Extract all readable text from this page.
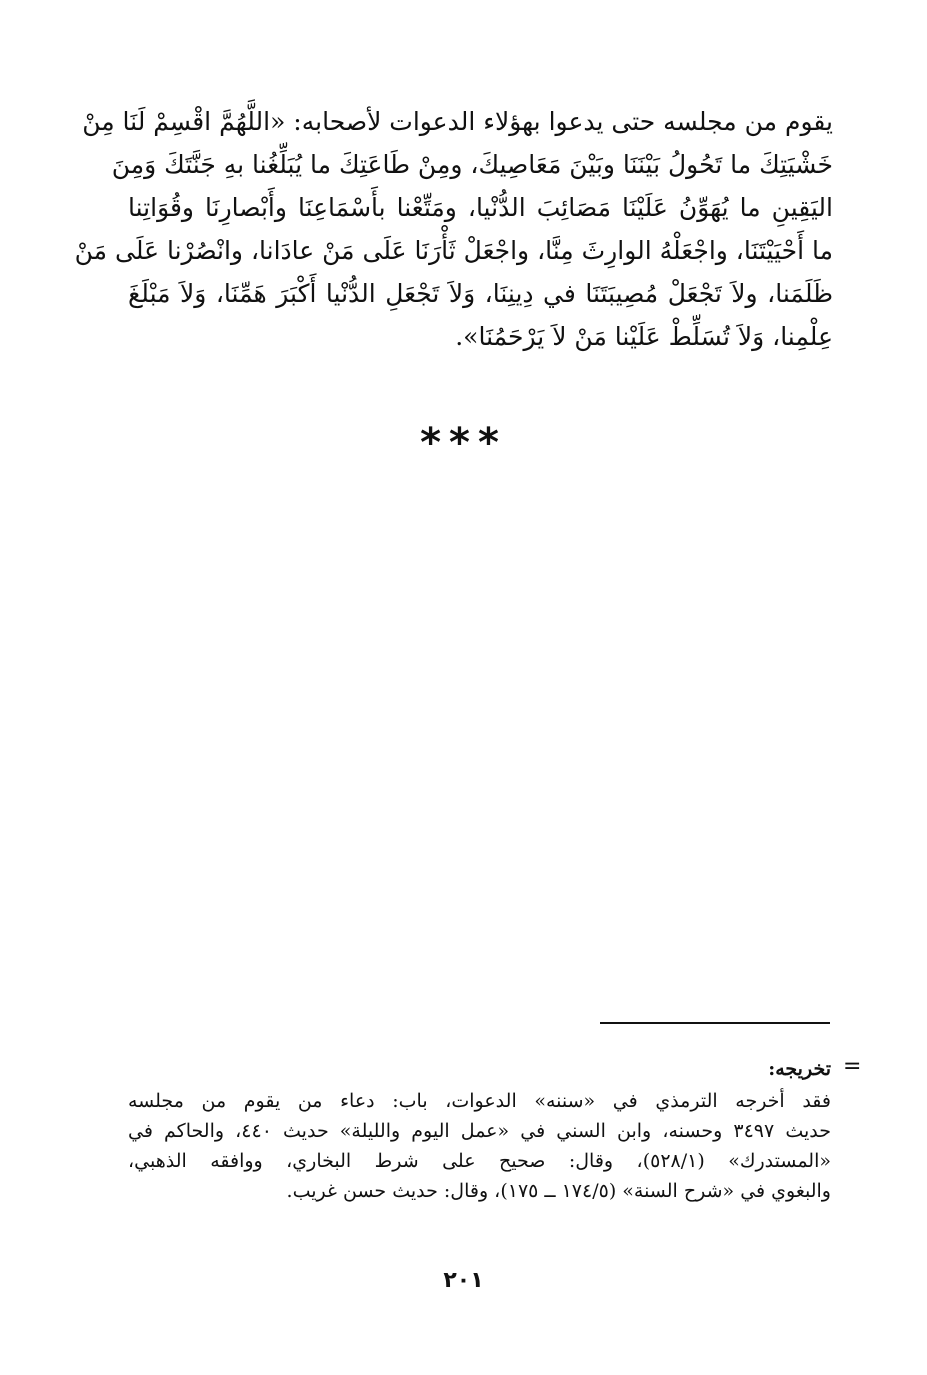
يقوم من مجلسه حتى يدعوا بهؤلاء الدعوات لأصحابه: «اللَّهُمَّ اقْسِمْ لَنَا مِنْ
خَشْيَتِكَ ما تَحُولُ بَيْنَنَا وبَيْنَ مَعَاصِيكَ، ومِنْ طَاعَتِكَ ما يُبَلِّغُنا بهِ جَنَّتَكَ وَمِنَ
اليَقِينِ ما يُهَوِّنُ عَلَيْنَا مَصَائِبَ الدُّنْيا، ومَتِّعْنا بأَسْمَاعِنَا وأَبْصارِنَا وقُوَاتِنا
ما أَحْيَيْتَنَا، واجْعَلْهُ الوارِثَ مِنَّا، واجْعَلْ ثَأْرَنَا عَلَى مَنْ عادَانا، وانْصُرْنا عَلَى مَنْ
ظَلَمَنا، ولاَ تَجْعَلْ مُصِيبَتَنَا في دِينِنَا، وَلاَ تَجْعَلِ الدُّنْيا أَكْبَرَ هَمِّنَا، وَلاَ مَبْلَغَ
عِلْمِنا، وَلاَ تُسَلِّطْ عَلَيْنا مَنْ لاَ يَرْحَمُنَا».
***
=
تخريجه:
فقد أخرجه الترمذي في «سننه» الدعوات، باب: دعاء من يقوم من مجلسه
حديث ٣٤٩٧ وحسنه، وابن السني في «عمل اليوم والليلة» حديث ٤٤٠، والحاكم في
«المستدرك» (٥٢٨/١)، وقال: صحيح على شرط البخاري، ووافقه الذهبي،
والبغوي في «شرح السنة» (١٧٤/٥ ــ ١٧٥)، وقال: حديث حسن غريب.
٢٠١
